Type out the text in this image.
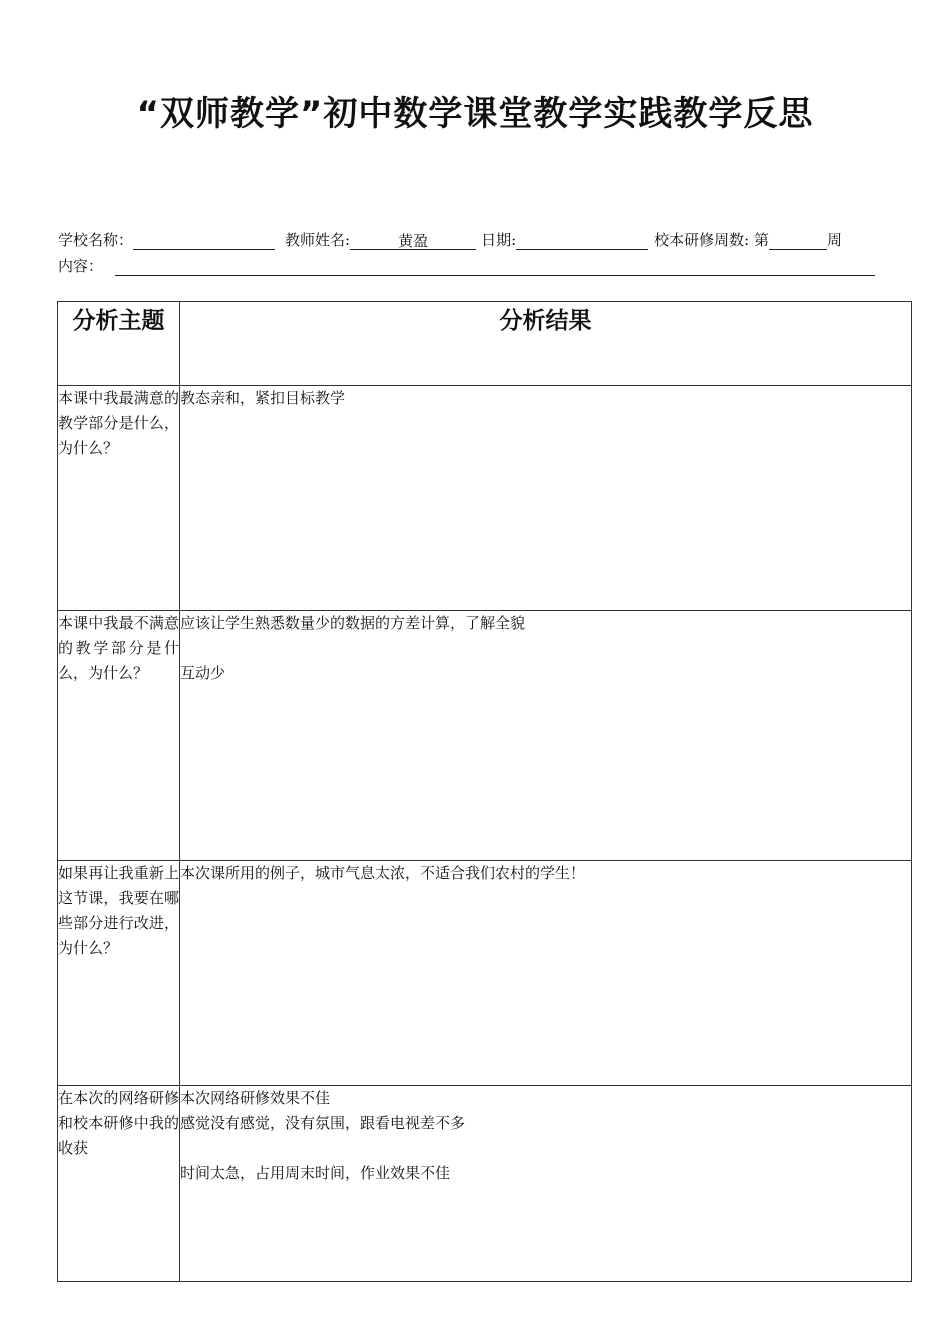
“双师教学”初中数学课堂教学实践教学反思
学校名称：	教师姓名:	黄盈	日期:	校本研修周数: 第	周
内容：
分析主题	分析结果
本课中我最满意的教学部分是什么，为什么？	教态亲和，紧扣目标教学

本课中我最不满意的教学部分是什么，为什么？	应该让学生熟悉数量少的数据的方差计算，了解全貌
互动少

如果再让我重新上这节课，我要在哪些部分进行改进，为什么？	本次课所用的例子，城市气息太浓，不适合我们农村的学生！

在本次的网络研修和校本研修中我的收获	本次网络研修效果不佳
感觉没有感觉，没有氛围，跟看电视差不多
时间太急，占用周末时间，作业效果不佳
